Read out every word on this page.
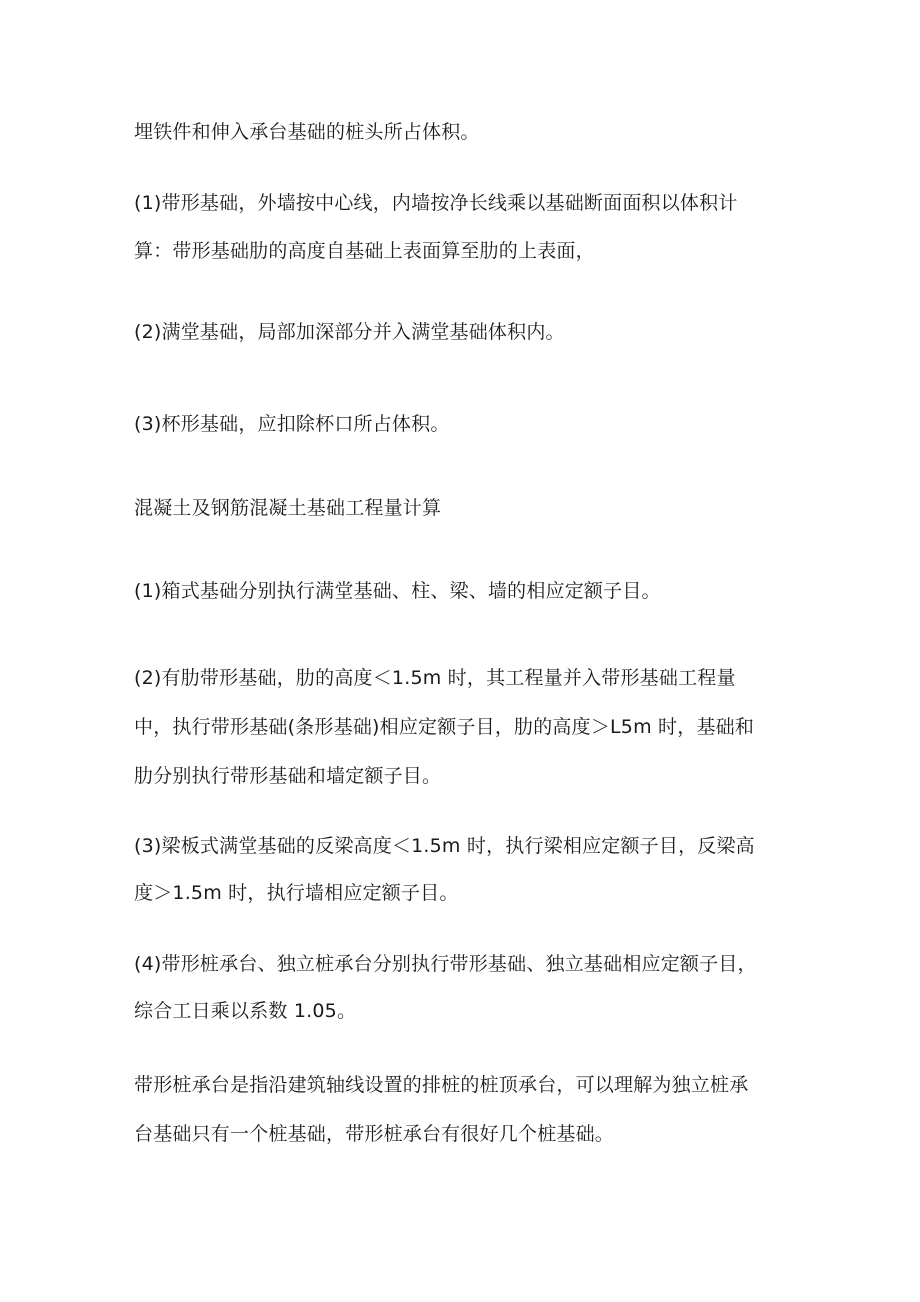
埋铁件和伸入承台基础的桩头所占体积。
(1)带形基础，外墙按中心线，内墙按净长线乘以基础断面面积以体积计
算：带形基础肋的高度自基础上表面算至肋的上表面，
(2)满堂基础，局部加深部分并入满堂基础体积内。
(3)杯形基础，应扣除杯口所占体积。
混凝土及钢筋混凝土基础工程量计算
(1)箱式基础分别执行满堂基础、柱、梁、墙的相应定额子目。
(2)有肋带形基础，肋的高度＜1.5m 时，其工程量并入带形基础工程量
中，执行带形基础(条形基础)相应定额子目，肋的高度＞L5m 时，基础和
肋分别执行带形基础和墙定额子目。
(3)梁板式满堂基础的反梁高度＜1.5m 时，执行梁相应定额子目，反梁高
度＞1.5m 时，执行墙相应定额子目。
(4)带形桩承台、独立桩承台分别执行带形基础、独立基础相应定额子目，
综合工日乘以系数 1.05。
带形桩承台是指沿建筑轴线设置的排桩的桩顶承台，可以理解为独立桩承
台基础只有一个桩基础，带形桩承台有很好几个桩基础。
